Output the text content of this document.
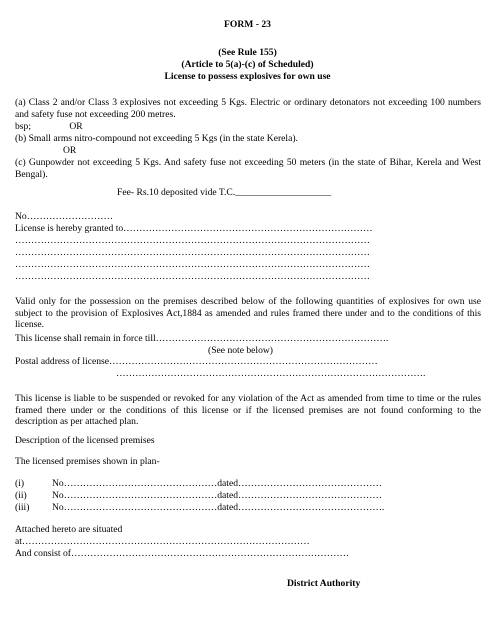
FORM - 23
(See Rule 155)
(Article to 5(a)-(c) of Scheduled)
License to possess explosives for own use
(a) Class 2 and/or Class 3 explosives not exceeding 5 Kgs. Electric or ordinary detonators not exceeding 100 numbers and safety fuse not exceeding 200 metres.
bsp;                OR
(b) Small arms nitro-compound not exceeding 5 Kgs (in the state Kerela).
OR
(c) Gunpowder not exceeding 5 Kgs. And safety fuse not exceeding 50 meters (in the state of Bihar, Kerela and West Bengal).
Fee- Rs.10 deposited vide T.C.____________________
No………………………
License is hereby granted to……………………………………………………………………
…………………………………………………………………………………………………
…………………………………………………………………………………………………
…………………………………………………………………………………………………
…………………………………………………………………………………………………
Valid only for the possession on the premises described below of the following quantities of explosives for own use subject to the provision of Explosives Act,1884 as amended and rules framed there under and to the conditions of this license.
This license shall remain in force till……………………………………………………………….
(See note below)
Postal address of license…………………………………………………………………………
…………………………………………………………………………………….
This license is liable to be suspended or revoked for any violation of the Act as amended from time to time or the rules framed there under or the conditions of this license or if the licensed premises are not found conforming to the description as per attached plan.
Description of the licensed premises
The licensed premises shown in plan-
(i)	No…………………………………………dated………………………………………
(ii)	No…………………………………………dated………………………………………
(iii) No…………………………………………dated……………………………………….
Attached hereto are situated
at………………………………………………………………………………
And consist of……………………………………………………………………………
District Authority
